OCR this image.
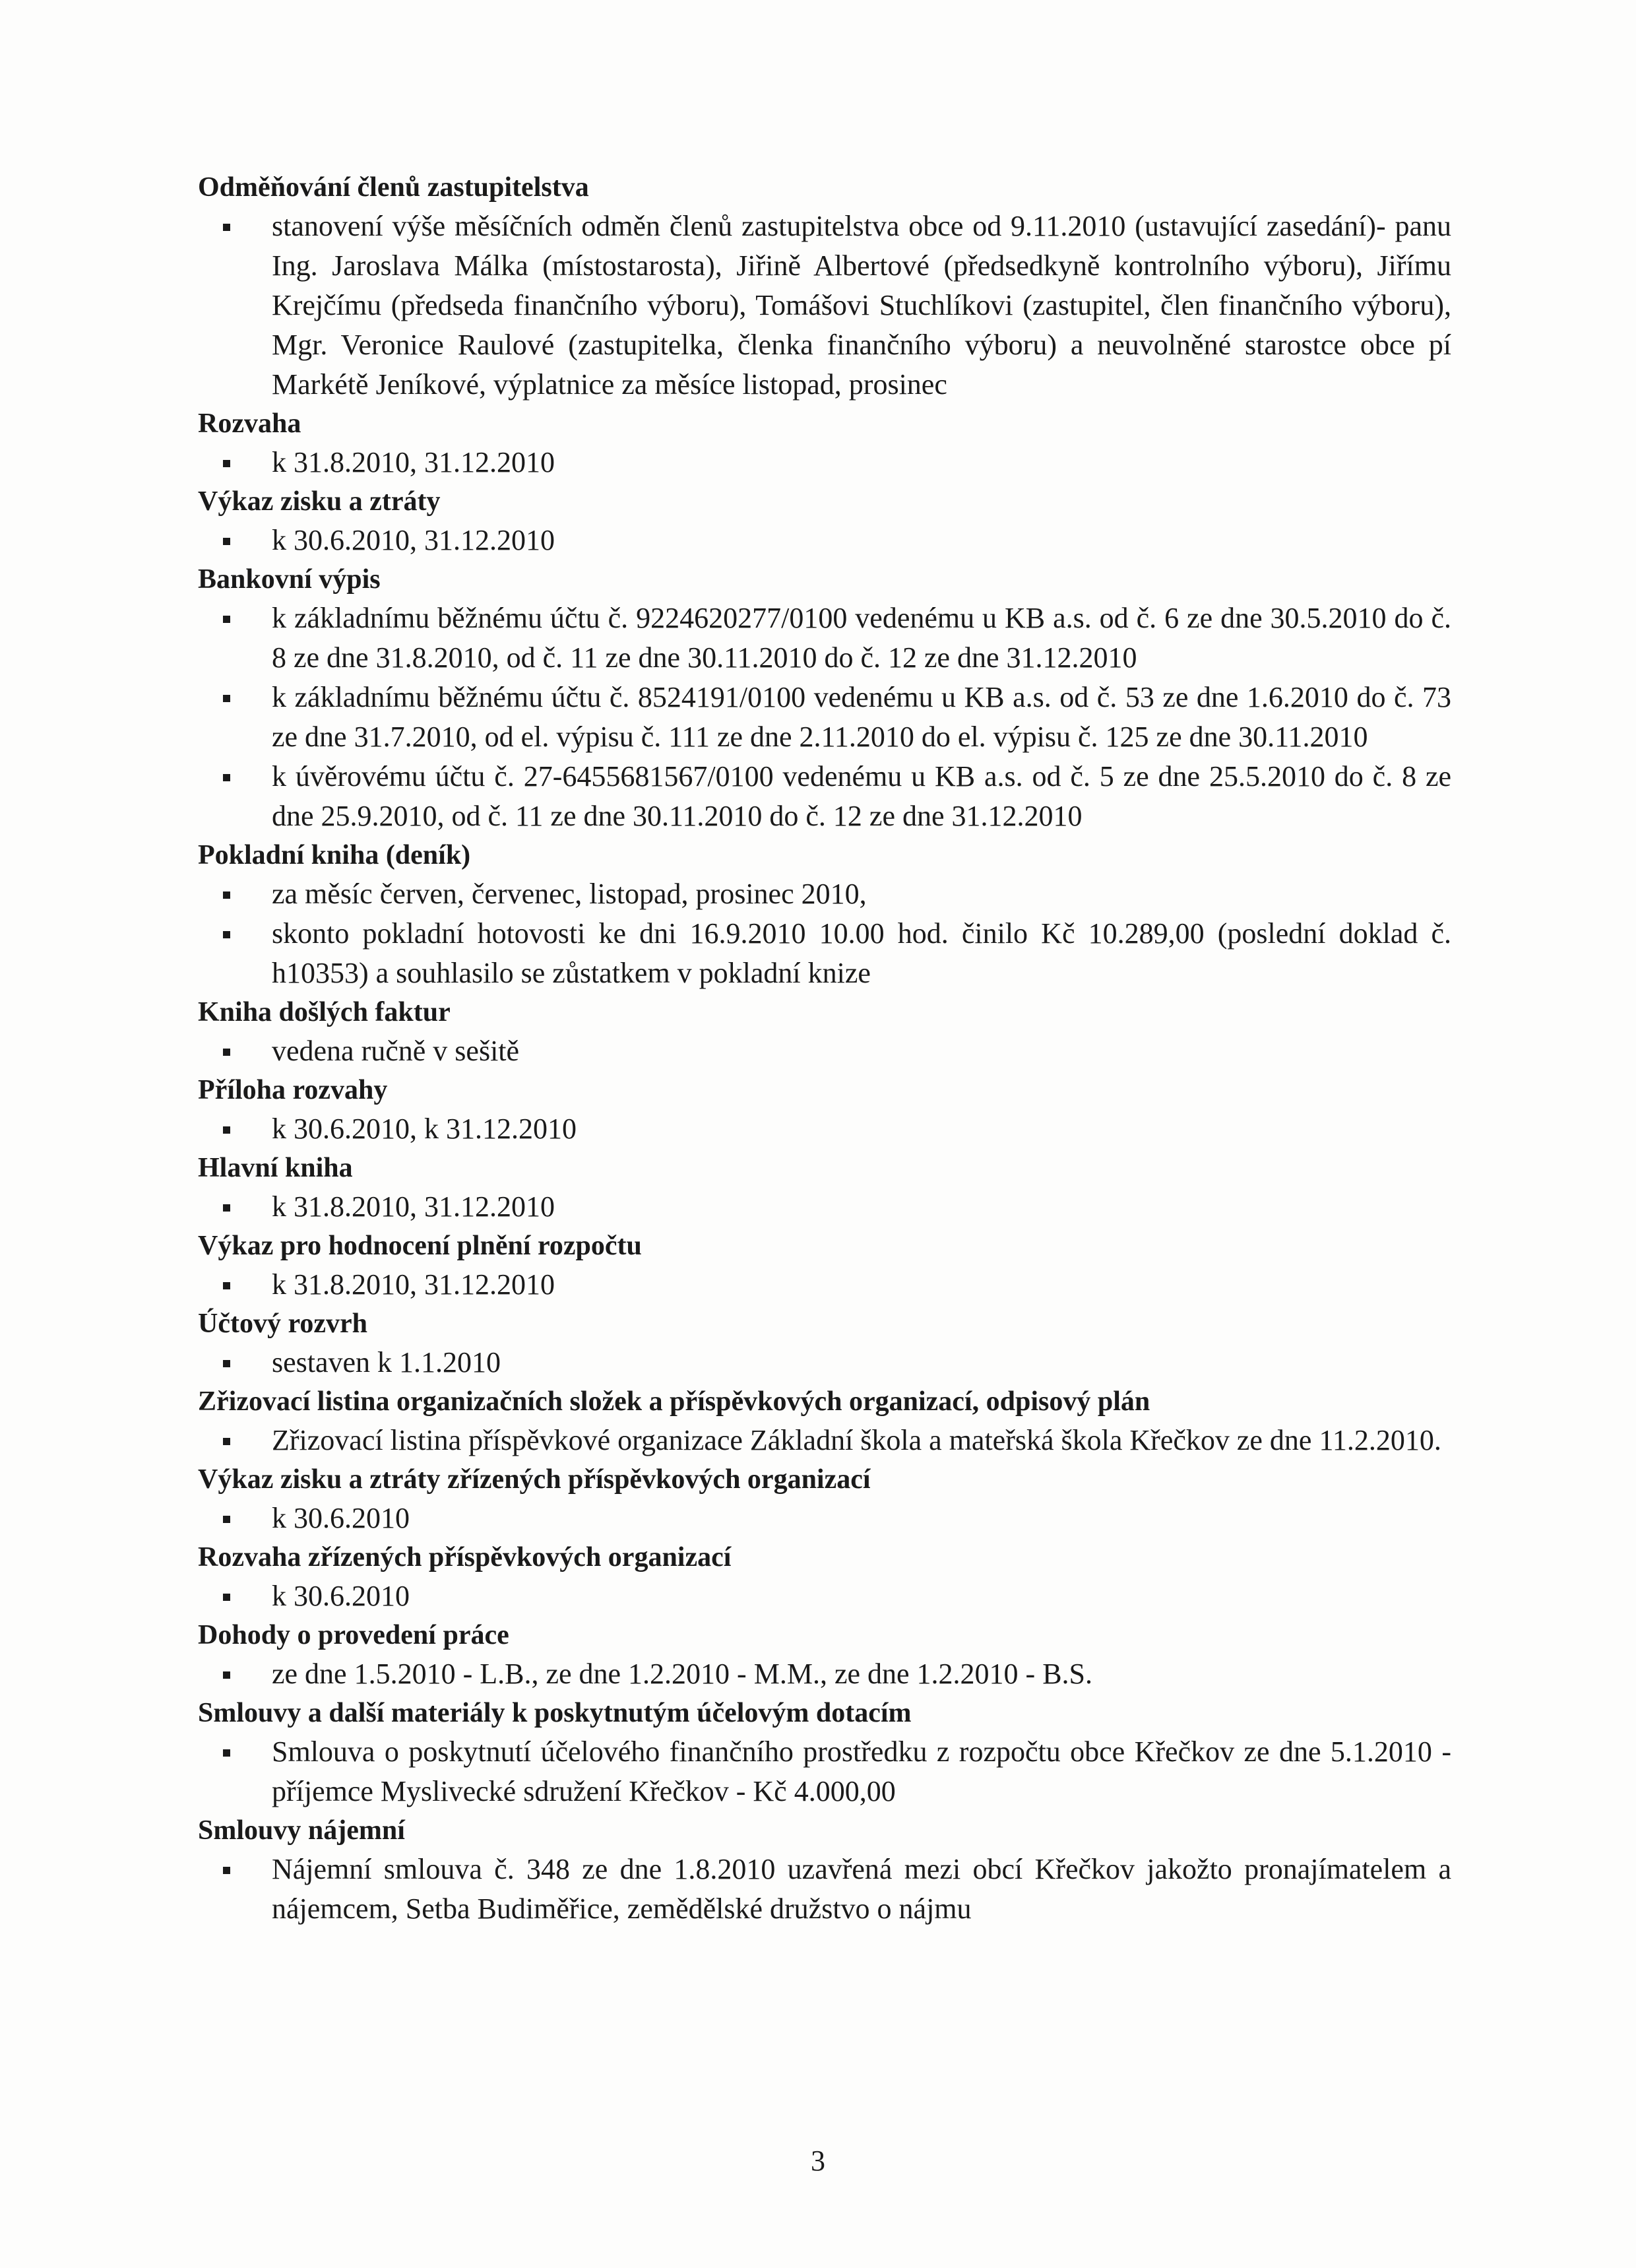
Odměňování členů zastupitelstva
stanovení výše měsíčních odměn členů zastupitelstva obce od 9.11.2010 (ustavující zasedání)- panu Ing. Jaroslava Málka (místostarosta), Jiřině Albertové (předsedkyně kontrolního výboru), Jiřímu Krejčímu (předseda finančního výboru), Tomášovi Stuchlíkovi (zastupitel, člen finančního výboru), Mgr. Veronice Raulové (zastupitelka, členka finančního výboru) a neuvolněné starostce obce pí Markétě Jeníkové, výplatnice za měsíce listopad, prosinec
Rozvaha
k 31.8.2010, 31.12.2010
Výkaz zisku a ztráty
k 30.6.2010, 31.12.2010
Bankovní výpis
k základnímu běžnému účtu č. 9224620277/0100 vedenému u KB a.s. od č. 6 ze dne 30.5.2010 do č. 8 ze dne 31.8.2010, od č. 11 ze dne 30.11.2010 do č. 12 ze dne 31.12.2010
k základnímu běžnému účtu č. 8524191/0100 vedenému u KB a.s. od č. 53 ze dne 1.6.2010 do č. 73 ze dne 31.7.2010, od el. výpisu č. 111 ze dne 2.11.2010 do el. výpisu č. 125 ze dne 30.11.2010
k úvěrovému účtu č. 27-6455681567/0100 vedenému u KB a.s. od č. 5 ze dne 25.5.2010 do č. 8 ze dne 25.9.2010, od č. 11 ze dne 30.11.2010 do č. 12 ze dne 31.12.2010
Pokladní kniha (deník)
za měsíc červen, červenec, listopad, prosinec 2010,
skonto pokladní hotovosti ke dni 16.9.2010 10.00 hod. činilo Kč 10.289,00 (poslední doklad č. h10353) a souhlasilo se zůstatkem v pokladní knize
Kniha došlých faktur
vedena ručně v sešitě
Příloha rozvahy
k 30.6.2010, k 31.12.2010
Hlavní kniha
k 31.8.2010, 31.12.2010
Výkaz pro hodnocení plnění rozpočtu
k 31.8.2010, 31.12.2010
Účtový rozvrh
sestaven k 1.1.2010
Zřizovací listina organizačních složek a příspěvkových organizací, odpisový plán
Zřizovací listina příspěvkové organizace Základní škola a mateřská škola Křečkov ze dne 11.2.2010.
Výkaz zisku a ztráty zřízených příspěvkových organizací
k 30.6.2010
Rozvaha zřízených příspěvkových organizací
k 30.6.2010
Dohody o provedení práce
ze dne 1.5.2010 - L.B., ze dne 1.2.2010 - M.M., ze dne 1.2.2010 - B.S.
Smlouvy a další materiály k poskytnutým účelovým dotacím
Smlouva o poskytnutí účelového finančního prostředku z rozpočtu obce Křečkov ze dne 5.1.2010 - příjemce Myslivecké sdružení Křečkov - Kč 4.000,00
Smlouvy nájemní
Nájemní smlouva č. 348 ze dne 1.8.2010 uzavřená mezi obcí Křečkov jakožto pronajímatelem a nájemcem, Setba Budiměřice, zemědělské družstvo o nájmu
3
